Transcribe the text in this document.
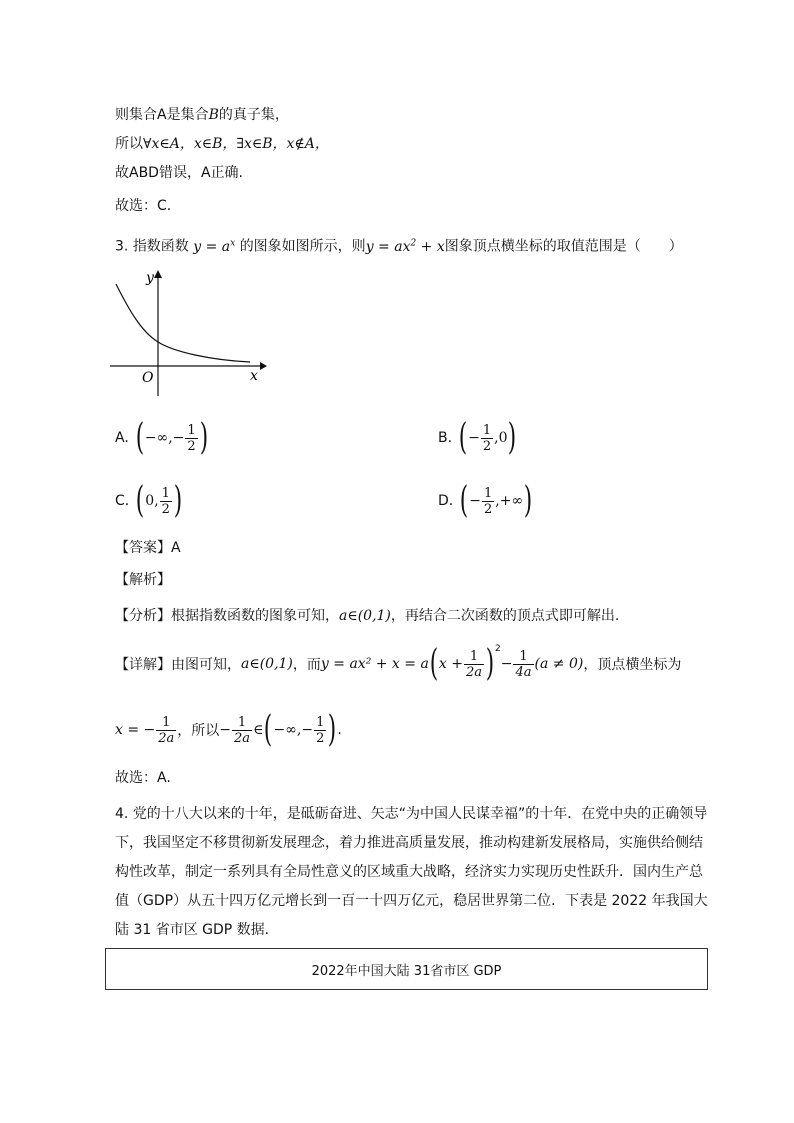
则集合A是集合B的真子集，
所以∀x∈A，x∈B，∃x∈B，x∉A，
故ABD错误，A正确.
故选：C.
3. 指数函数 $y = a^x$ 的图象如图所示，则$y = ax^2 + x$图象顶点横坐标的取值范围是（　　）
y
x
O
A. ( −∞,− $\frac{1}{2}$ )	B. ( − $\frac{1}{2} ,0$ )
C. ( 0, $\frac{1}{2}$ )	D. ( − $\frac{1}{2}$ ,+∞ )
【答案】A
【解析】
【分析】根据指数函数的图象可知，a∈(0,1)，再结合二次函数的顶点式即可解出.
【详解】 由图可知， a∈(0,1) ，而 y = ax² + x = a ( $x + \frac{1}{2a} )^2$
− $\frac{1}{4a} (a \ne 0)$ ，顶点横坐标为
x = − $\frac{1}{2a}$ ，所以 − $\frac{1}{2a}$ ∈ ( −∞,− $\frac{1}{2}$ ) .
故选：A.
4. 党的十八大以来的十年，是砥砺奋进、矢志“为中国人民谋幸福”的十年．在党中央的正确领导下，我国坚定不移贯彻新发展理念，着力推进高质量发展，推动构建新发展格局，实施供给侧结构性改革，制定一系列具有全局性意义的区域重大战略，经济实力实现历史性跃升．国内生产总值（GDP）从五十四万亿元增长到一百一十四万亿元，稳居世界第二位．下表是 2022 年我国大陆 31 省市区 GDP 数据．
2022年中国大陆 31省市区 GDP
